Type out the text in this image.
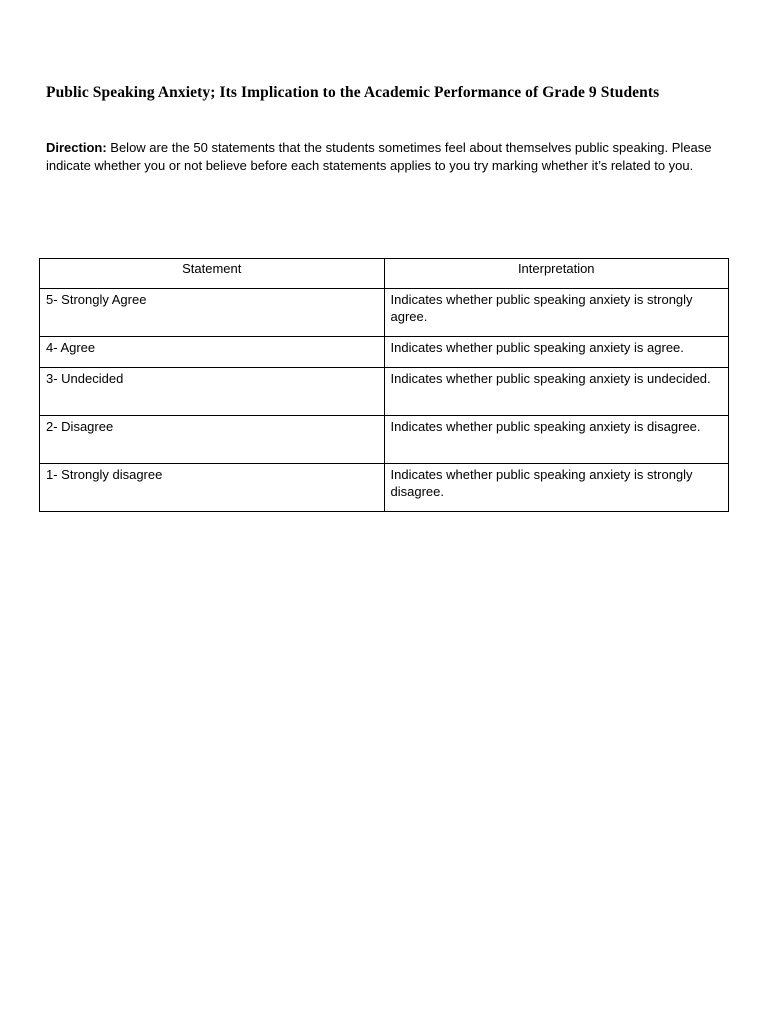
Public Speaking Anxiety; Its Implication to the Academic Performance of Grade 9 Students

Direction: Below are the 50 statements that the students sometimes feel about themselves public speaking. Please indicate whether you or not believe before each statements applies to you try marking whether it’s related to you.

Statement	Interpretation
5- Strongly Agree	Indicates whether public speaking anxiety is strongly agree.
4- Agree	Indicates whether public speaking anxiety is agree.
3- Undecided	Indicates whether public speaking anxiety is undecided.
2- Disagree	Indicates whether public speaking anxiety is disagree.
1- Strongly disagree	Indicates whether public speaking anxiety is strongly disagree.
